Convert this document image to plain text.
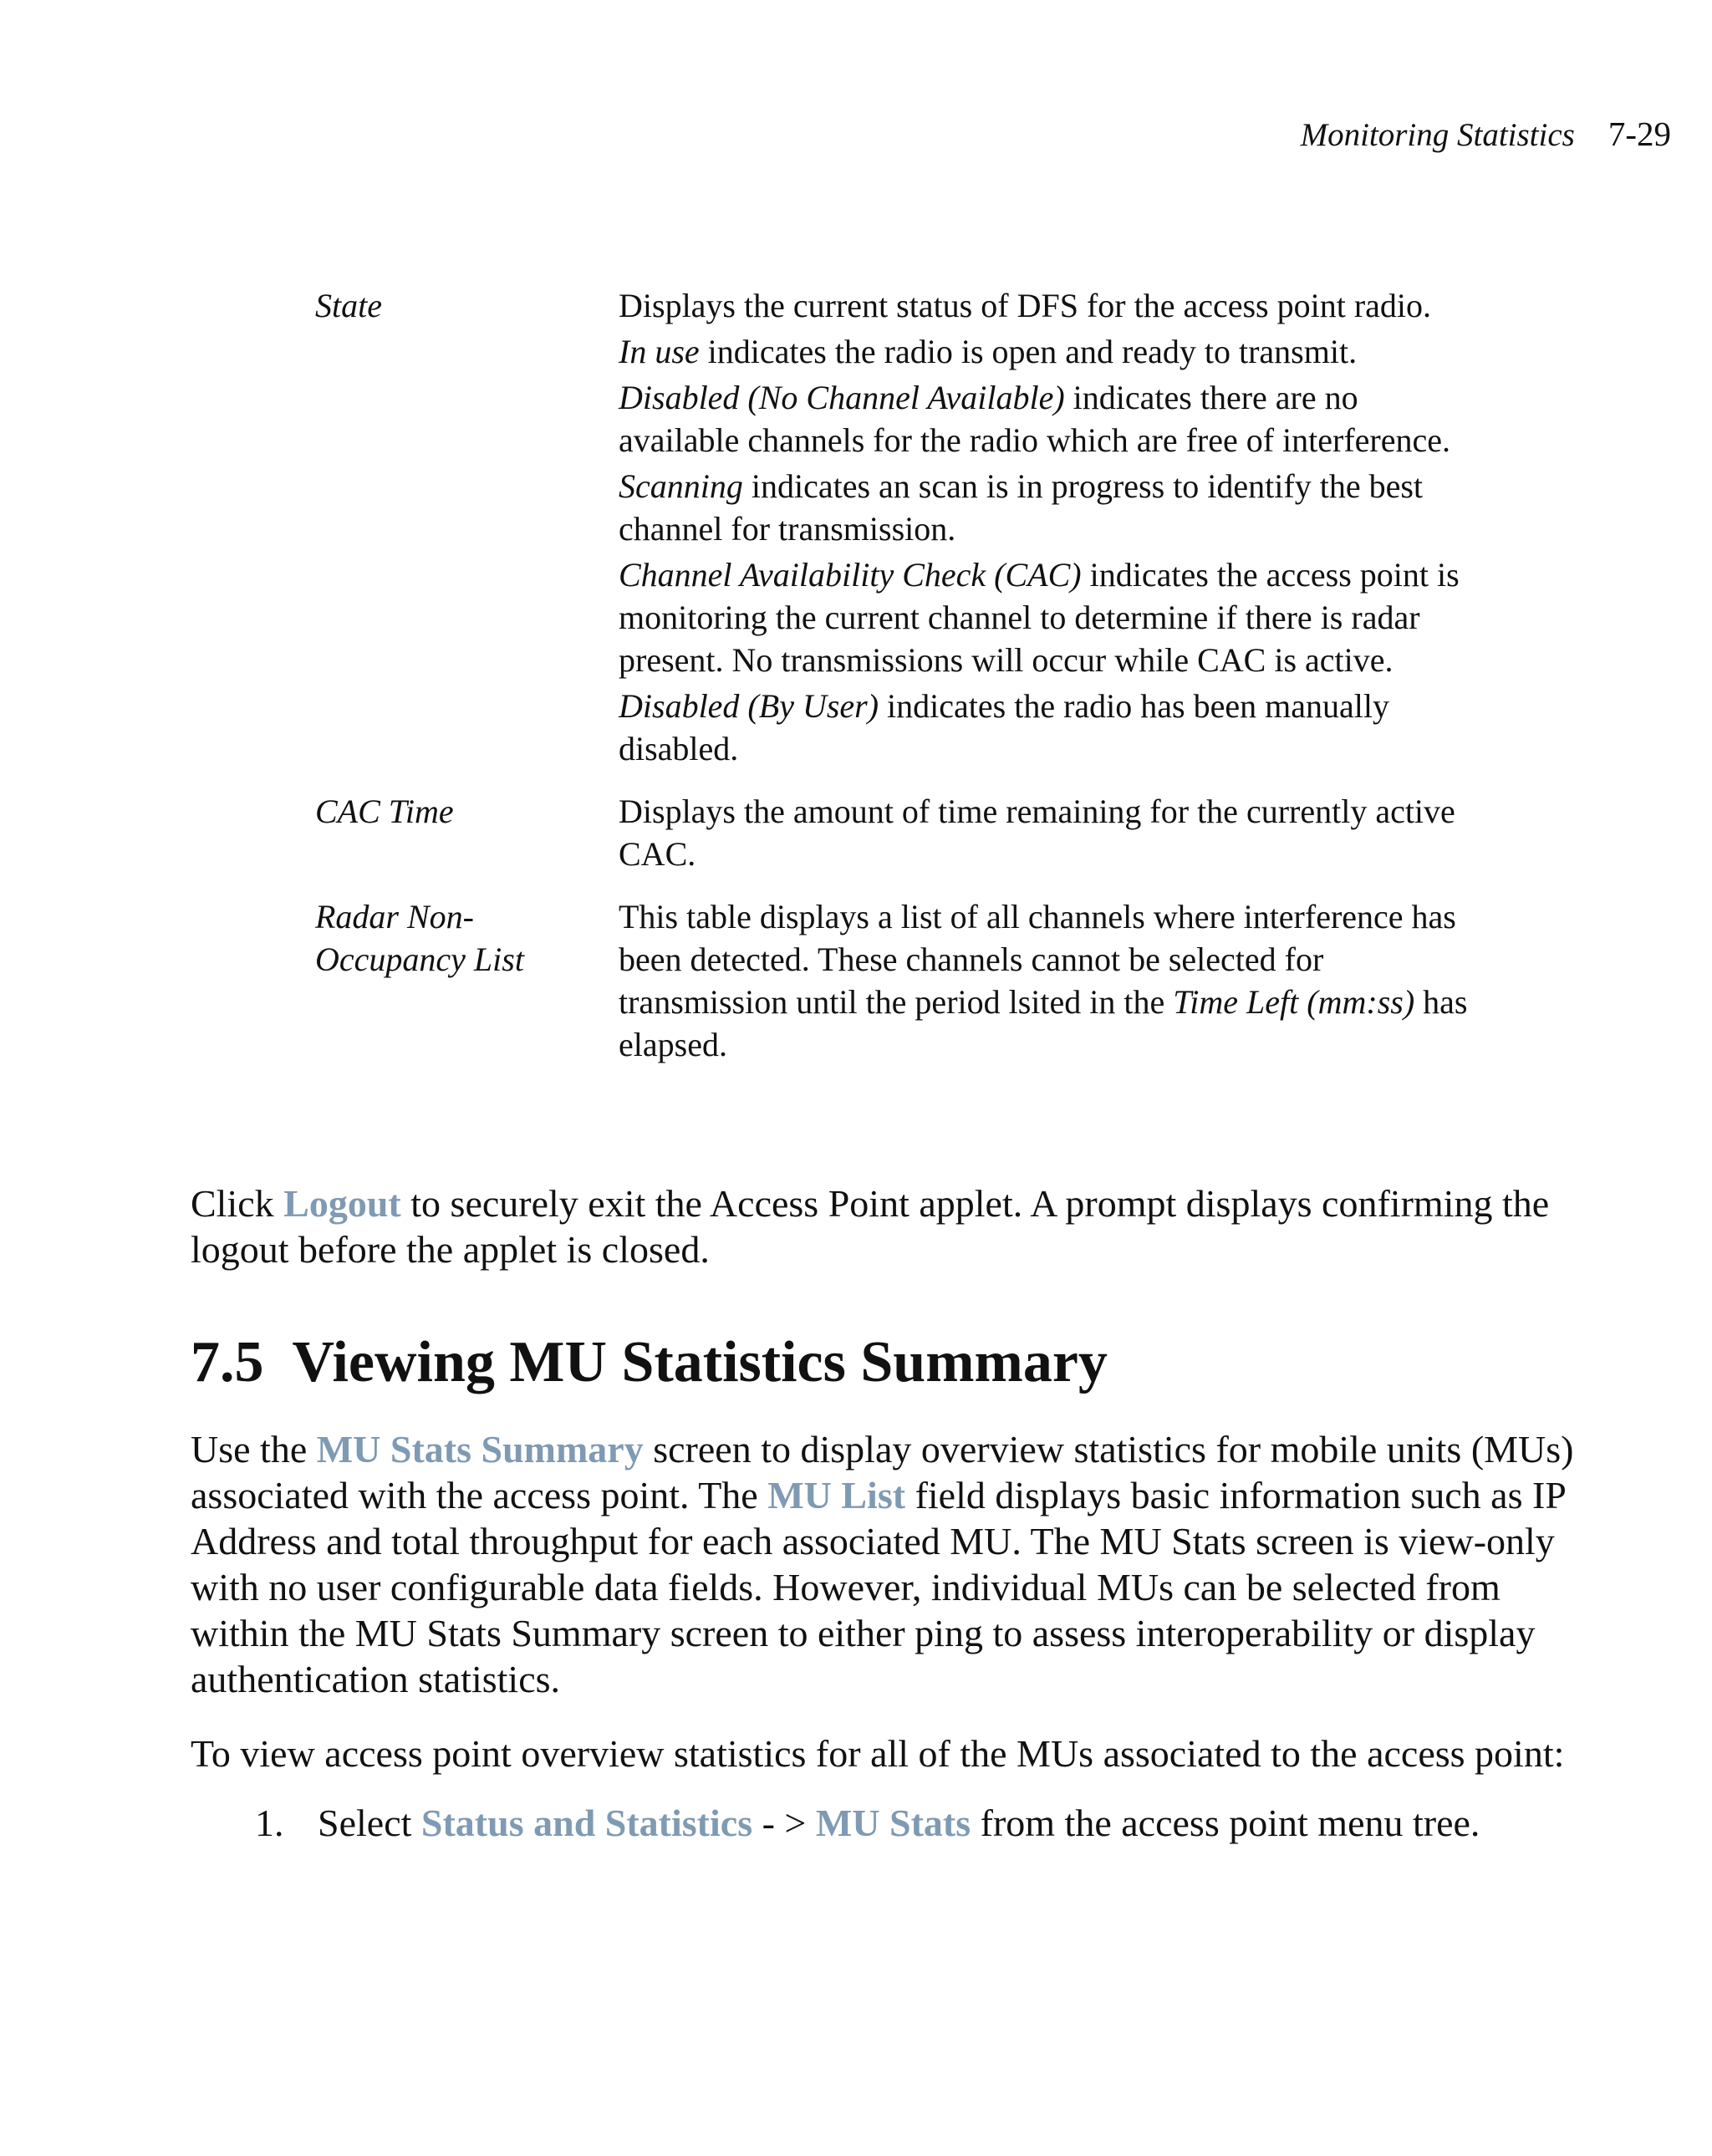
Monitoring Statistics 7-29
State	Displays the current status of DFS for the access point radio.

In use indicates the radio is open and ready to transmit.

Disabled (No Channel Available) indicates there are no available channels for the radio which are free of interference.

Scanning indicates an scan is in progress to identify the best channel for transmission.

Channel Availability Check (CAC) indicates the access point is monitoring the current channel to determine if there is radar present. No transmissions will occur while CAC is active.

Disabled (By User) indicates the radio has been manually disabled.

CAC Time	Displays the amount of time remaining for the currently active CAC.

Radar Non-
Occupancy List

This table displays a list of all channels where interference has been detected. These channels cannot be selected for transmission until the period lsited in the Time Left (mm:ss) has elapsed.

Click Logout to securely exit the Access Point applet. A prompt displays confirming the logout before the applet is closed.

7.5 Viewing MU Statistics Summary

Use the MU Stats Summary screen to display overview statistics for mobile units (MUs) associated with the access point. The MU List field displays basic information such as IP Address and total throughput for each associated MU. The MU Stats screen is view-only with no user configurable data fields. However, individual MUs can be selected from within the MU Stats Summary screen to either ping to assess interoperability or display authentication statistics.

To view access point overview statistics for all of the MUs associated to the access point:

1. Select Status and Statistics - > MU Stats from the access point menu tree.
